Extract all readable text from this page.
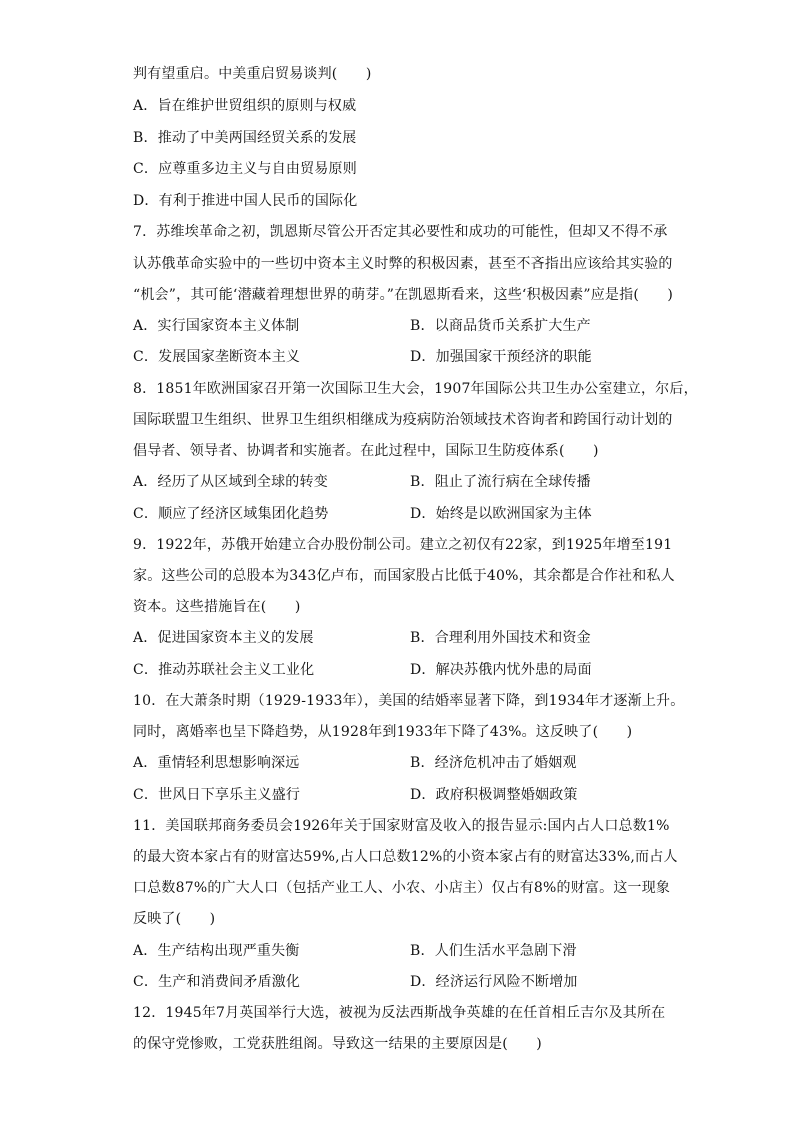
判有望重启。中美重启贸易谈判(　　)
A．旨在维护世贸组织的原则与权威
B．推动了中美两国经贸关系的发展
C．应尊重多边主义与自由贸易原则
D．有利于推进中国人民币的国际化
7．苏维埃革命之初，凯恩斯尽管公开否定其必要性和成功的可能性，但却又不得不承
认苏俄革命实验中的一些切中资本主义时弊的积极因素，甚至不吝指出应该给其实验的
“机会”，其可能‘潜藏着理想世界的萌芽。”在凯恩斯看来，这些‘积极因素”应是指(　　)
A．实行国家资本主义体制	B．以商品货币关系扩大生产
C．发展国家垄断资本主义	D．加强国家干预经济的职能
8．1851年欧洲国家召开第一次国际卫生大会，1907年国际公共卫生办公室建立，尔后，
国际联盟卫生组织、世界卫生组织相继成为疫病防治领域技术咨询者和跨国行动计划的
倡导者、领导者、协调者和实施者。在此过程中，国际卫生防疫体系(　　)
A．经历了从区域到全球的转变	B．阻止了流行病在全球传播
C．顺应了经济区域集团化趋势	D．始终是以欧洲国家为主体
9．1922年，苏俄开始建立合办股份制公司。建立之初仅有22家，到1925年增至191
家。这些公司的总股本为343亿卢布，而国家股占比低于40%，其余都是合作社和私人
资本。这些措施旨在(　　)
A．促进国家资本主义的发展	B．合理利用外国技术和资金
C．推动苏联社会主义工业化	D．解决苏俄内忧外患的局面
10．在大萧条时期（1929-1933年），美国的结婚率显著下降，到1934年才逐渐上升。
同时，离婚率也呈下降趋势，从1928年到1933年下降了43%。这反映了(　　)
A．重情轻利思想影响深远	B．经济危机冲击了婚姻观
C．世风日下享乐主义盛行	D．政府积极调整婚姻政策
11．美国联邦商务委员会1926年关于国家财富及收入的报告显示:国内占人口总数1%
的最大资本家占有的财富达59%,占人口总数12%的小资本家占有的财富达33%,而占人
口总数87%的广大人口（包括产业工人、小农、小店主）仅占有8%的财富。这一现象
反映了(　　)
A．生产结构出现严重失衡	B．人们生活水平急剧下滑
C．生产和消费间矛盾激化	D．经济运行风险不断增加
12．1945年7月英国举行大选，被视为反法西斯战争英雄的在任首相丘吉尔及其所在
的保守党惨败，工党获胜组阁。导致这一结果的主要原因是(　　)
